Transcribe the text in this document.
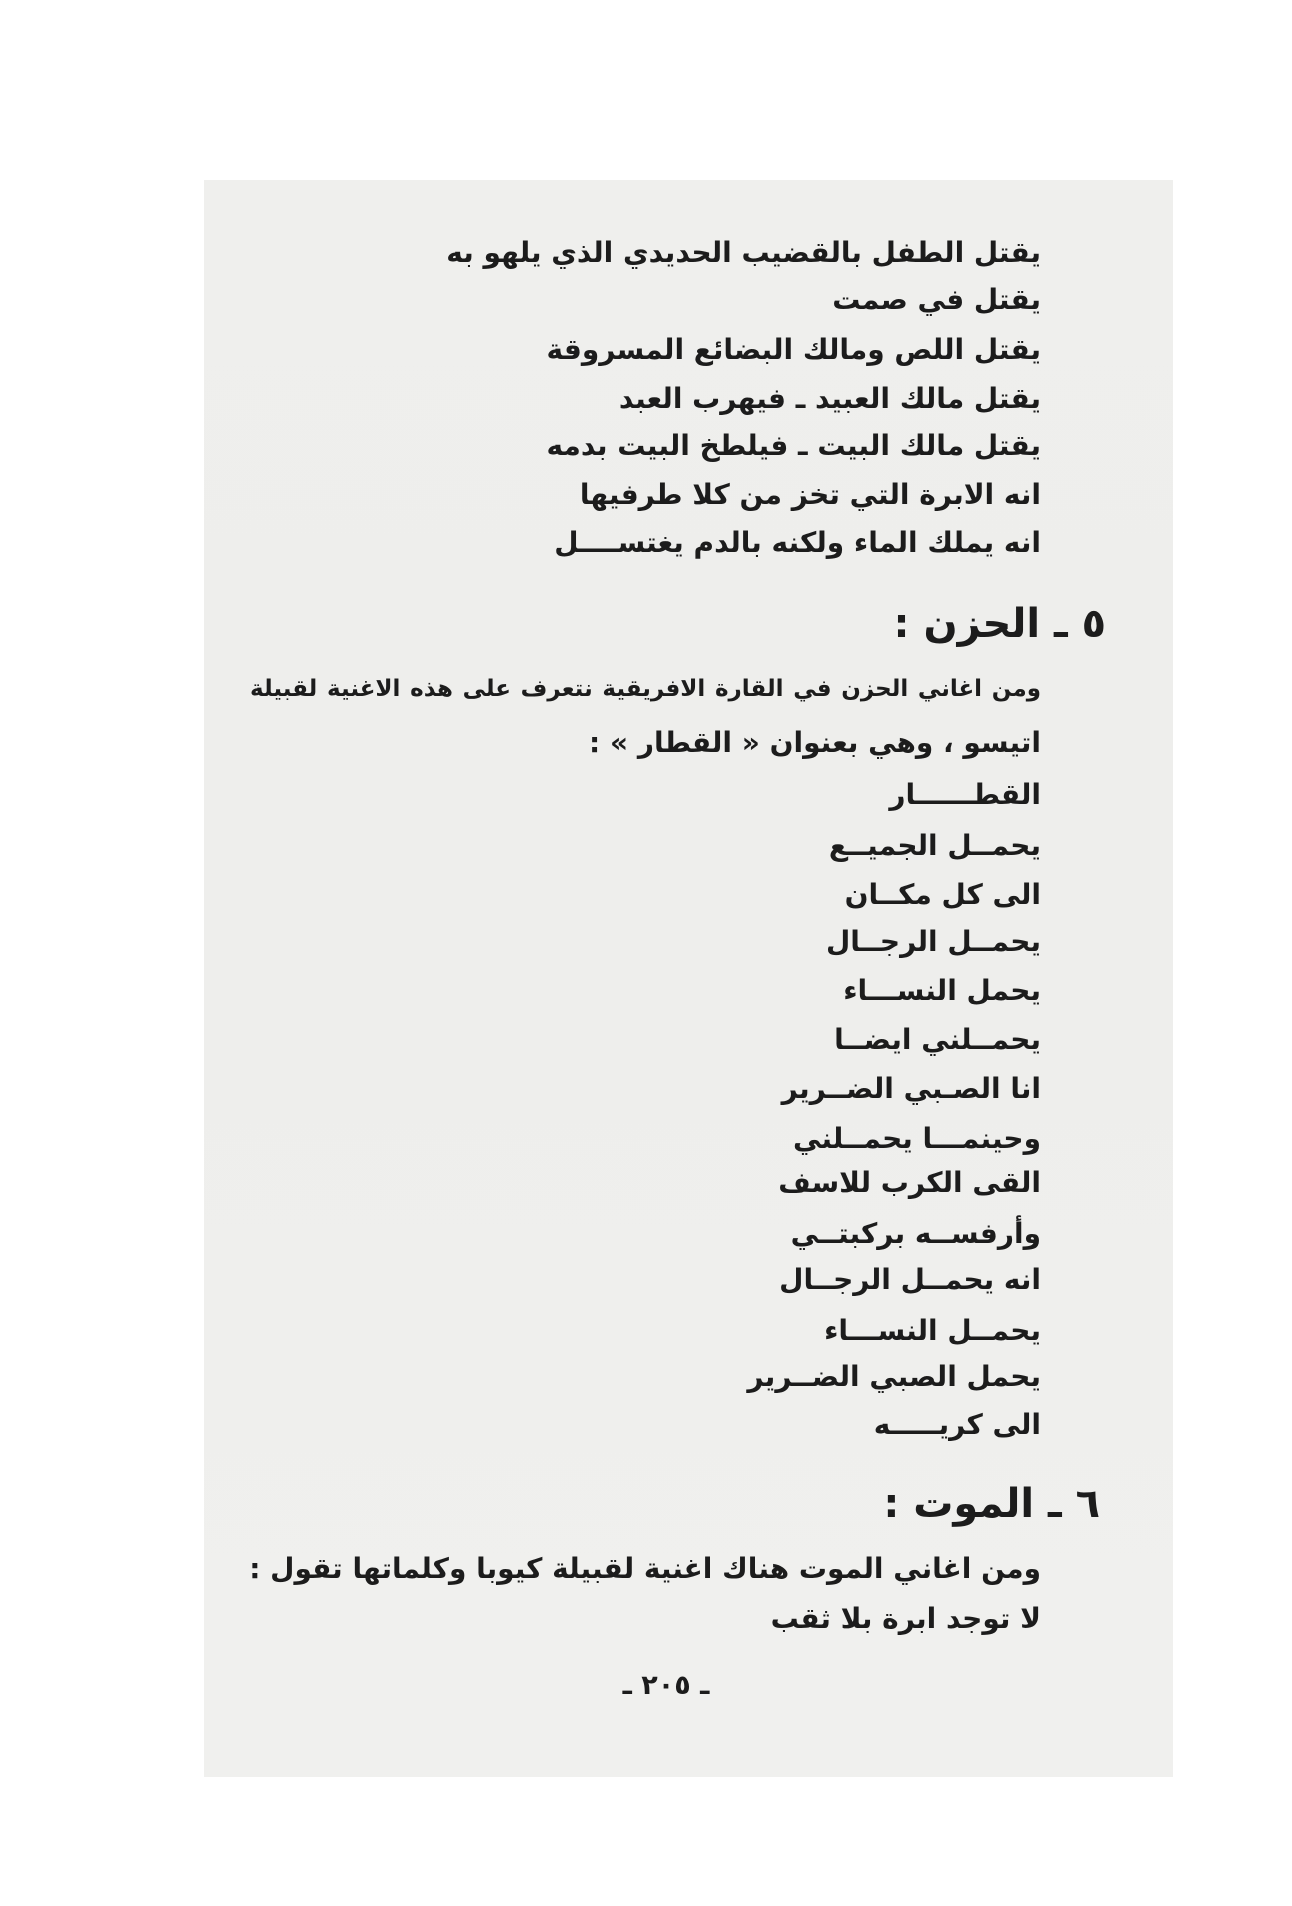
يقتل الطفل بالقضيب الحديدي الذي يلهو به
يقتل في صمت
يقتل اللص ومالك البضائع المسروقة
يقتل مالك العبيد ـ فيهرب العبد
يقتل مالك البيت ـ فيلطخ البيت بدمه
انه الابرة التي تخز من كلا طرفيها
انه يملك الماء ولكنه بالدم يغتســــل
٥ ـ الحزن :
ومن اغاني الحزن في القارة الافريقية نتعرف على هذه الاغنية لقبيلة
اتيسو ، وهي بعنوان « القطار » :
القطــــــار
يحمــل الجميــع
الى كل مكــان
يحمــل الرجــال
يحمل النســـاء
يحمــلني ايضــا
انا الصـبي الضــرير
وحينمـــا يحمــلني
القى الكرب للاسف
وأرفســه بركبتــي
انه يحمــل الرجــال
يحمــل النســـاء
يحمل الصبي الضــرير
الى كريـــــه
٦ ـ الموت :
ومن اغاني الموت هناك اغنية لقبيلة كيوبا وكلماتها تقول :
لا توجد ابرة بلا ثقب
ـ ٢٠٥ ـ
